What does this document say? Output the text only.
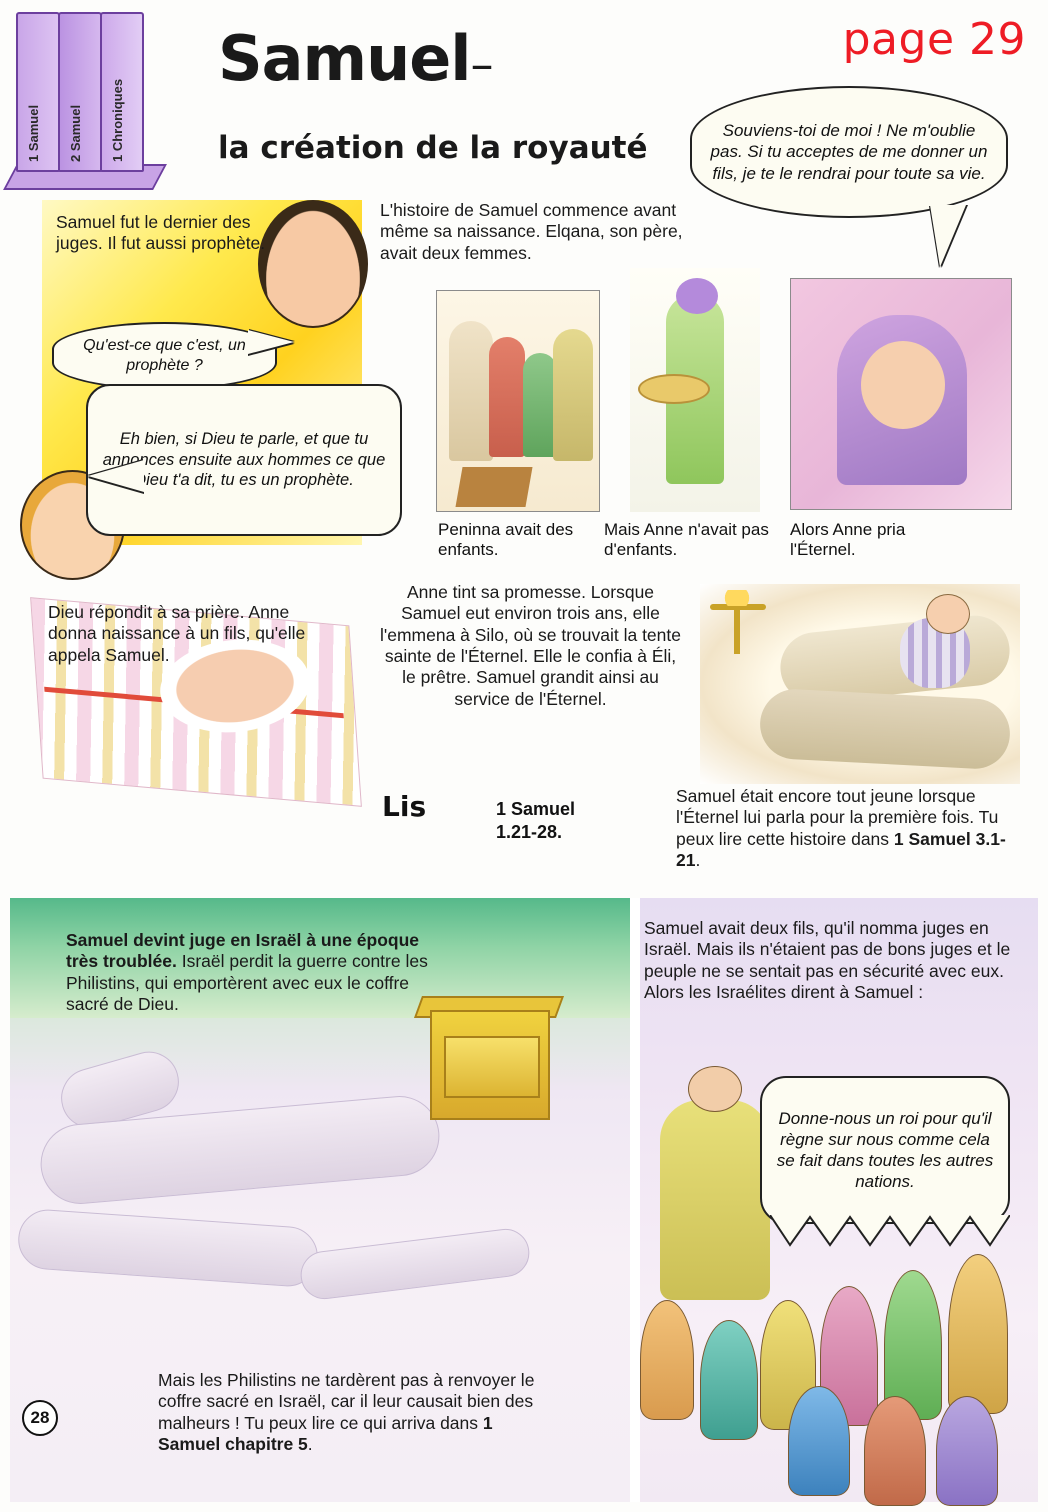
page 29
1 Samuel 2 Samuel 1 Chroniques
Samuel–
la création de la royauté
Samuel fut le dernier des juges. Il fut aussi prophète.
L'histoire de Samuel commence avant même sa naissance. Elqana, son père, avait deux femmes.
Souviens-toi de moi ! Ne m'oublie pas. Si tu acceptes de me donner un fils, je te le rendrai pour toute sa vie.
Qu'est-ce que c'est, un prophète ?
Eh bien, si Dieu te parle, et que tu annonces ensuite aux hommes ce que Dieu t'a dit, tu es un prophète.
Peninna avait des enfants.
Mais Anne n'avait pas d'enfants.
Alors Anne pria l'Éternel.
Dieu répondit à sa prière. Anne donna naissance à un fils, qu'elle appela Samuel.
Anne tint sa promesse. Lorsque Samuel eut environ trois ans, elle l'emmena à Silo, où se trouvait la tente sainte de l'Éternel. Elle le confia à Éli, le prêtre. Samuel grandit ainsi au service de l'Éternel.
Lis	1 Samuel
1.21-28.
Samuel était encore tout jeune lorsque l'Éternel lui parla pour la première fois. Tu peux lire cette histoire dans 1 Samuel 3.1-21.
Samuel devint juge en Israël à une époque très troublée. Israël perdit la guerre contre les Philistins, qui emportèrent avec eux le coffre sacré de Dieu.
Samuel avait deux fils, qu'il nomma juges en Israël. Mais ils n'étaient pas de bons juges et le peuple ne se sentait pas en sécurité avec eux. Alors les Israélites dirent à Samuel :
Donne-nous un roi pour qu'il règne sur nous comme cela se fait dans toutes les autres nations.
Mais les Philistins ne tardèrent pas à renvoyer le coffre sacré en Israël, car il leur causait bien des malheurs ! Tu peux lire ce qui arriva dans 1 Samuel chapitre 5.
28
